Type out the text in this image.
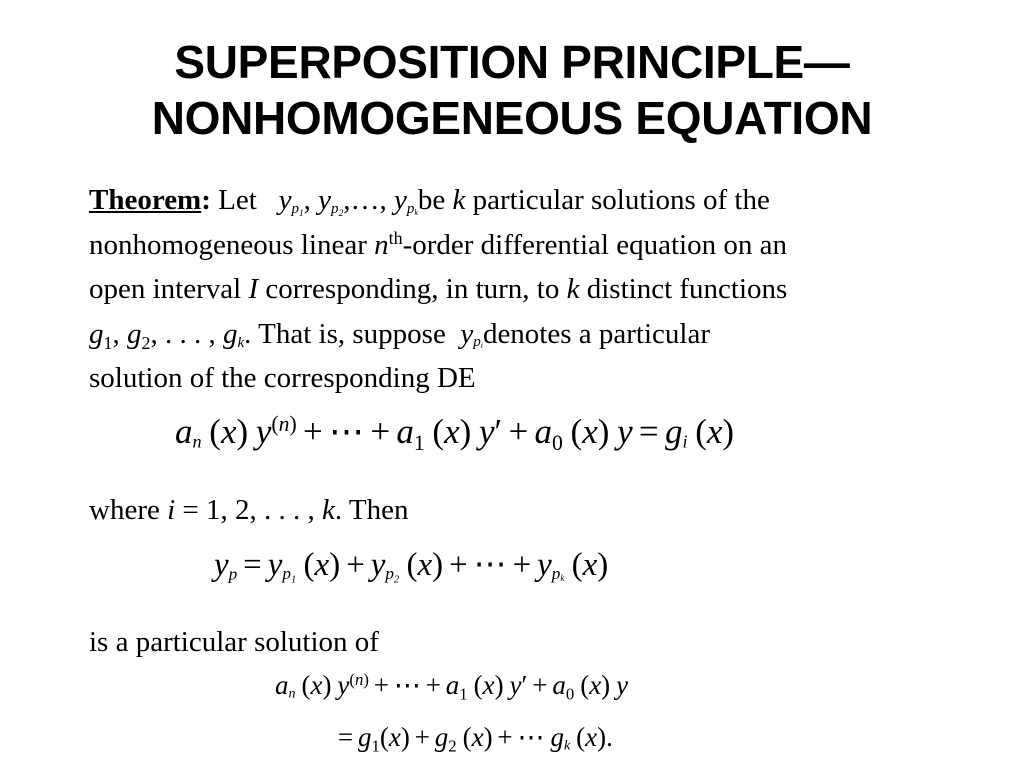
SUPERPOSITION PRINCIPLE—
NONHOMOGENEOUS EQUATION
Theorem: Let   $y_{p_1}$, $y_{p_2},\dots$, $y_{p_k}be$ k particular solutions of the
nonhomogeneous linear $n^{th}$-order differential equation on an
open interval I corresponding, in turn, to k distinct functions
$g_1$, $g_2$, . . . , $g_k$. That is, suppose  $y_{p_i}denotes$ a particular
solution of the corresponding DE
$a_n$ (x) $y^{(n)}$ + ⋯ + $a_1$ (x) $y' + a_0$ (x) $y = g_i$ (x)
where i = 1, 2, . . . , k. Then
$y_p = y_{p_1}$ $(x) + y_{p_2}$ (x) + ⋯ + $y_{p_k}$ (x)
is a particular solution of
$a_n$ (x) $y^{(n)}$ + ⋯ + $a_1$ (x) $y' + a_0$ (x) y
= $g_1(x) + g_2$ (x) + ⋯ $g_k$ (x).
